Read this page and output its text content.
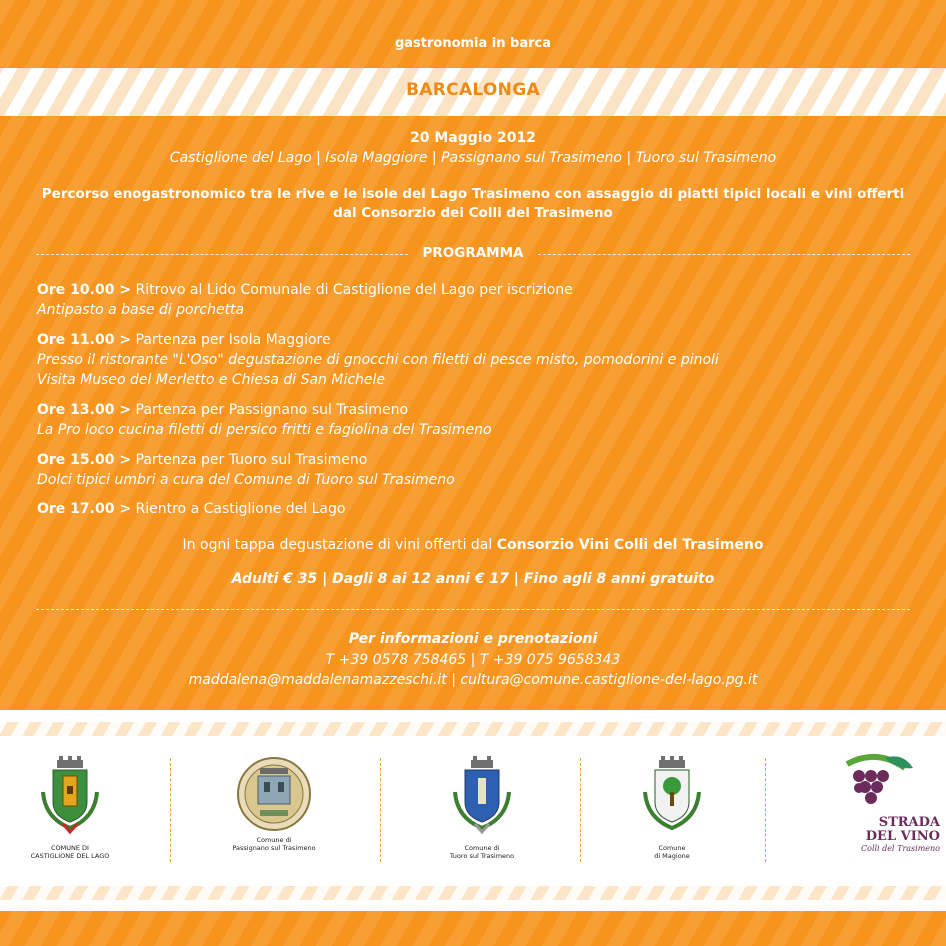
gastronomia in barca
BARCALONGA
20 Maggio 2012
Castiglione del Lago | Isola Maggiore | Passignano sul Trasimeno | Tuoro sul Trasimeno
Percorso enogastronomico tra le rive e le isole del Lago Trasimeno con assaggio di piatti tipici locali e vini offerti dal Consorzio dei Colli del Trasimeno
PROGRAMMA
Ore 10.00 > Ritrovo al Lido Comunale di Castiglione del Lago per iscrizione
Antipasto a base di porchetta
Ore 11.00 > Partenza per Isola Maggiore
Presso il ristorante "L'Oso" degustazione di gnocchi con filetti di pesce misto, pomodorini e pinoli
Visita Museo del Merletto e Chiesa di San Michele
Ore 13.00 > Partenza per Passignano sul Trasimeno
La Pro loco cucina filetti di persico fritti e fagiolina del Trasimeno
Ore 15.00 > Partenza per Tuoro sul Trasimeno
Dolci tipici umbri a cura del Comune di Tuoro sul Trasimeno
Ore 17.00 > Rientro a Castiglione del Lago
In ogni tappa degustazione di vini offerti dal Consorzio Vini Colli del Trasimeno
Adulti € 35 | Dagli 8 ai 12 anni € 17 | Fino agli 8 anni gratuito
Per informazioni e prenotazioni
T +39 0578 758465 | T +39 075 9658343
maddalena@maddalenamazzeschi.it | cultura@comune.castiglione-del-lago.pg.it
COMUNE DI
CASTIGLIONE DEL LAGO
Comune di
Passignano sul Trasimeno	Comune di
Tuoro sul Trasimeno
Comune
di Magione
STRADA
DEL VINO
Colli del Trasimeno
